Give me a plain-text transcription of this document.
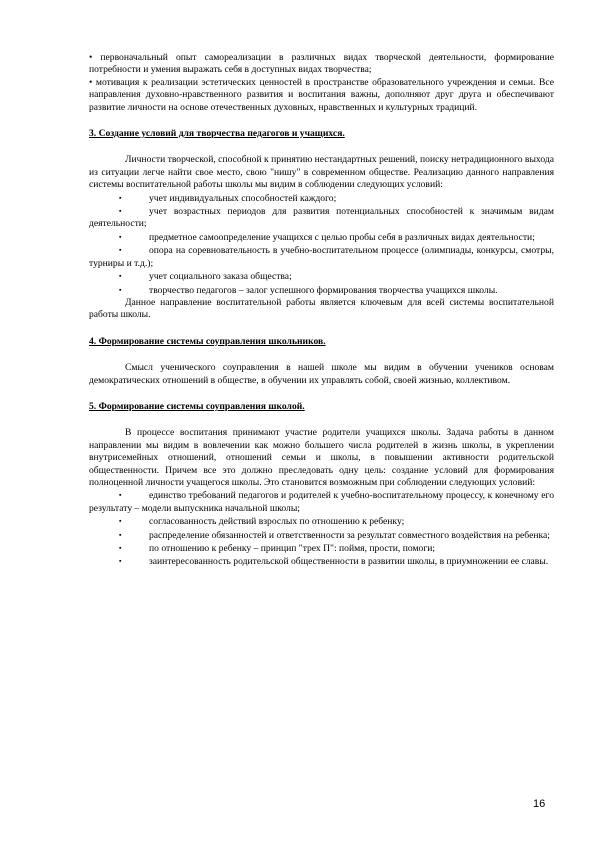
• первоначальный опыт самореализации в различных видах творческой деятельности, формирование потребности и умения выражать себя в доступных видах творчества;

• мотивация к реализации эстетических ценностей в пространстве образовательного учреждения и семьи. Все направления духовно-нравственного развития и воспитания важны, дополняют друг друга и обеспечивают развитие личности на основе отечественных духовных, нравственных и культурных традиций.

3. Создание условий для творчества педагогов и учащихся.

Личности творческой, способной к принятию нестандартных решений, поиску нетрадиционного выхода из ситуации легче найти свое место, свою "нишу" в современном обществе. Реализацию данного направления системы воспитательной работы школы мы видим в соблюдении следующих условий:

▪	учет индивидуальных способностей каждого;

▪	учет возрастных периодов для развития потенциальных способностей к значимым видам деятельности;

▪	предметное самоопределение учащихся с целью пробы себя в различных видах деятельности;

▪	опора на соревновательность в учебно-воспитательном процессе (олимпиады, конкурсы, смотры, турниры и т.д.);

▪	учет социального заказа общества;

▪	творчество педагогов – залог успешного формирования творчества учащихся школы.

Данное направление воспитательной работы является ключевым для всей системы воспитательной работы школы.

4. Формирование системы соуправления школьников.

Смысл ученического соуправления в нашей школе мы видим в обучении учеников основам демократических отношений в обществе, в обучении их управлять собой, своей жизнью, коллективом.

5. Формирование системы соуправления школой.

В процессе воспитания принимают участие родители учащихся школы. Задача работы в данном направлении мы видим в вовлечении как можно большего числа родителей в жизнь школы, в укреплении внутрисемейных отношений, отношений семьи и школы, в повышении активности родительской общественности. Причем все это должно преследовать одну цель: создание условий для формирования полноценной личности учащегося школы. Это становится возможным при соблюдении следующих условий:

▪	единство требований педагогов и родителей к учебно-воспитательному процессу, к конечному его результату – модели выпускника начальной школы;

▪	согласованность действий взрослых по отношению к ребенку;

▪	распределение обязанностей и ответственности за результат совместного воздействия на ребенка;

▪	по отношению к ребенку – принцип "трех П": поймя, прости, помоги;

▪	заинтересованность родительской общественности в развитии школы, в приумножении ее славы.

16
